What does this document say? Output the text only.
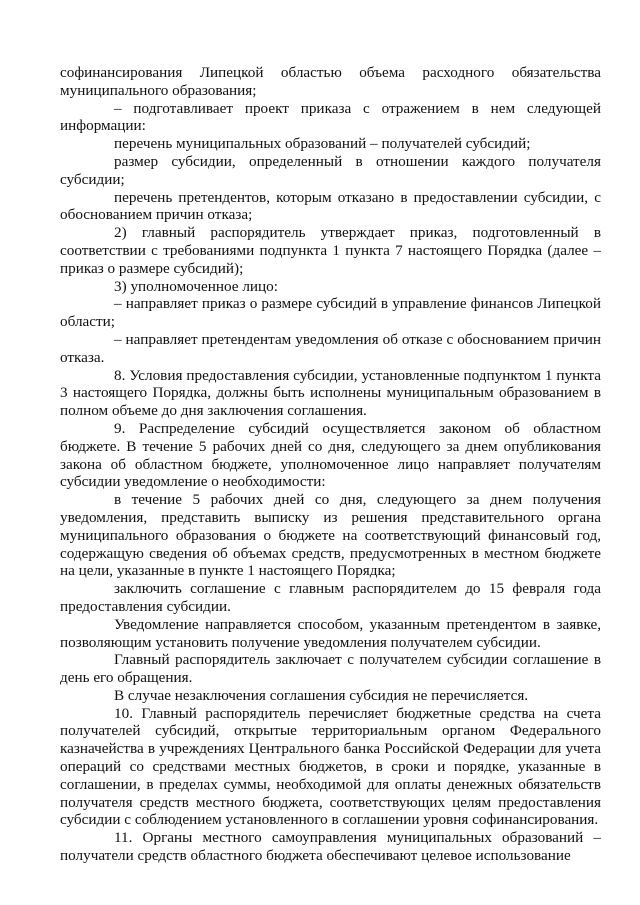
софинансирования Липецкой областью объема расходного обязательства муниципального образования;

– подготавливает проект приказа с отражением в нем следующей информации:

перечень муниципальных образований – получателей субсидий;

размер субсидии, определенный в отношении каждого получателя субсидии;

перечень претендентов, которым отказано в предоставлении субсидии, с обоснованием причин отказа;

2) главный распорядитель утверждает приказ, подготовленный в соответствии с требованиями подпункта 1 пункта 7 настоящего Порядка (далее – приказ о размере субсидий);

3) уполномоченное лицо:

– направляет приказ о размере субсидий в управление финансов Липецкой области;

– направляет претендентам уведомления об отказе с обоснованием причин отказа.

8. Условия предоставления субсидии, установленные подпунктом 1 пункта 3 настоящего Порядка, должны быть исполнены муниципальным образованием в полном объеме до дня заключения соглашения.

9. Распределение субсидий осуществляется законом об областном бюджете. В течение 5 рабочих дней со дня, следующего за днем опубликования закона об областном бюджете, уполномоченное лицо направляет получателям субсидии уведомление о необходимости:

в течение 5 рабочих дней со дня, следующего за днем получения уведомления, представить выписку из решения представительного органа муниципального образования о бюджете на соответствующий финансовый год, содержащую сведения об объемах средств, предусмотренных в местном бюджете на цели, указанные в пункте 1 настоящего Порядка;

заключить соглашение с главным распорядителем до 15 февраля года предоставления субсидии.

Уведомление направляется способом, указанным претендентом в заявке, позволяющим установить получение уведомления получателем субсидии.

Главный распорядитель заключает с получателем субсидии соглашение в день его обращения.

В случае незаключения соглашения субсидия не перечисляется.

10. Главный распорядитель перечисляет бюджетные средства на счета получателей субсидий, открытые территориальным органом Федерального казначейства в учреждениях Центрального банка Российской Федерации для учета операций со средствами местных бюджетов, в сроки и порядке, указанные в соглашении, в пределах суммы, необходимой для оплаты денежных обязательств получателя средств местного бюджета, соответствующих целям предоставления субсидии с соблюдением установленного в соглашении уровня софинансирования.

11. Органы местного самоуправления муниципальных образований – получатели средств областного бюджета обеспечивают целевое использование
